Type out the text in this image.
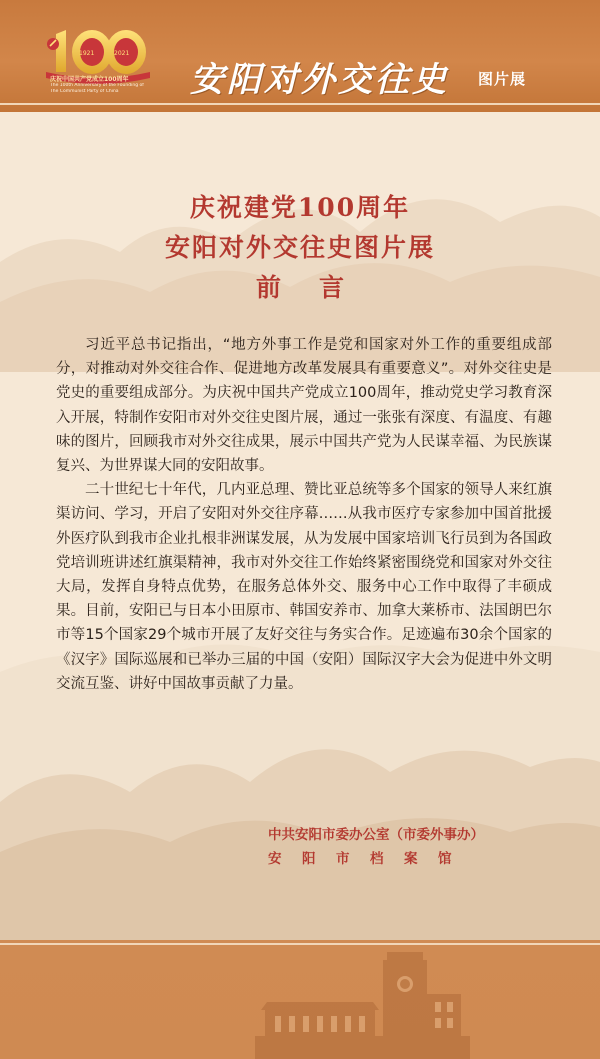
1921	2021
庆祝中国共产党成立100周年
The 100th Anniversary of the Founding of
The Communist Party of China	安阳对外交往史 图片展
庆祝建党100周年
安阳对外交往史图片展
前言

习近平总书记指出，“地方外事工作是党和国家对外工作的重要组成部分，对推动对外交往合作、促进地方改革发展具有重要意义”。对外交往史是党史的重要组成部分。为庆祝中国共产党成立100周年，推动党史学习教育深入开展，特制作安阳市对外交往史图片展，通过一张张有深度、有温度、有趣味的图片，回顾我市对外交往成果，展示中国共产党为人民谋幸福、为民族谋复兴、为世界谋大同的安阳故事。

二十世纪七十年代，几内亚总理、赞比亚总统等多个国家的领导人来红旗渠访问、学习，开启了安阳对外交往序幕……从我市医疗专家参加中国首批援外医疗队到我市企业扎根非洲谋发展，从为发展中国家培训飞行员到为各国政党培训班讲述红旗渠精神，我市对外交往工作始终紧密围绕党和国家对外交往大局，发挥自身特点优势，在服务总体外交、服务中心工作中取得了丰硕成果。目前，安阳已与日本小田原市、韩国安养市、加拿大莱桥市、法国朗巴尔市等15个国家29个城市开展了友好交往与务实合作。足迹遍布30余个国家的《汉字》国际巡展和已举办三届的中国（安阳）国际汉字大会为促进中外文明交流互鉴、讲好中国故事贡献了力量。

中共安阳市委办公室（市委外事办）
安阳市档案馆
